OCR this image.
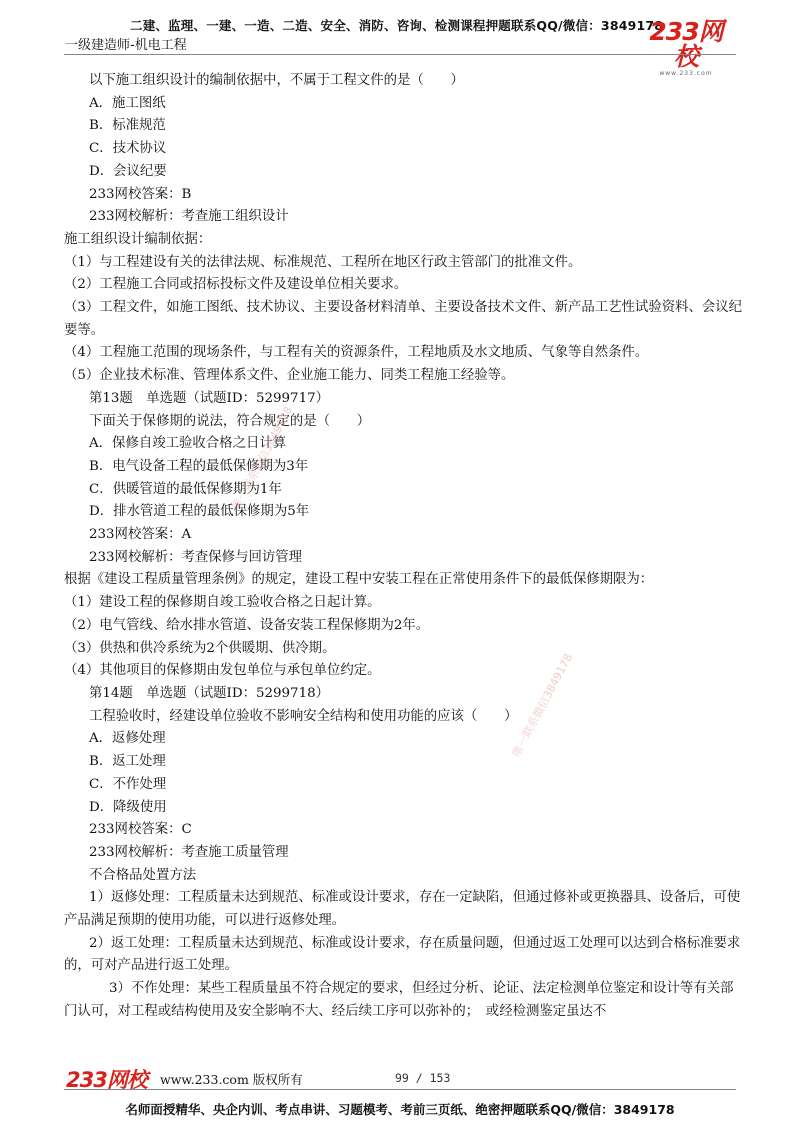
二建、监理、一建、一造、二造、安全、消防、咨询、检测课程押题联系QQ/微信：3849178
一级建造师-机电工程	233网校
www.233.com

以下施工组织设计的编制依据中，不属于工程文件的是（　　）

A．施工图纸

B．标准规范

C．技术协议

D．会议纪要

233网校答案：B

233网校解析：考查施工组织设计

施工组织设计编制依据：

（1）与工程建设有关的法律法规、标准规范、工程所在地区行政主管部门的批准文件。

（2）工程施工合同或招标投标文件及建设单位相关要求。

（3）工程文件，如施工图纸、技术协议、主要设备材料清单、主要设备技术文件、新产品工艺性试验资料、会议纪要等。

（4）工程施工范围的现场条件，与工程有关的资源条件，工程地质及水文地质、气象等自然条件。

（5）企业技术标准、管理体系文件、企业施工能力、同类工程施工经验等。

第13题　单选题（试题ID：5299717）

下面关于保修期的说法，符合规定的是（　　）

A．保修自竣工验收合格之日计算

B．电气设备工程的最低保修期为3年

C．供暖管道的最低保修期为1年

D．排水管道工程的最低保修期为5年

233网校答案：A

233网校解析：考查保修与回访管理

根据《建设工程质量管理条例》的规定，建设工程中安装工程在正常使用条件下的最低保修期限为：

（1）建设工程的保修期自竣工验收合格之日起计算。

（2）电气管线、给水排水管道、设备安装工程保修期为2年。

（3）供热和供冷系统为2个供暖期、供冷期。

（4）其他项目的保修期由发包单位与承包单位约定。

第14题　单选题（试题ID：5299718）

工程验收时，经建设单位验收不影响安全结构和使用功能的应该（　　）

A．返修处理

B．返工处理

C．不作处理

D．降级使用

233网校答案：C

233网校解析：考查施工质量管理

不合格品处置方法

1）返修处理：工程质量未达到规范、标准或设计要求，存在一定缺陷，但通过修补或更换器具、设备后，可使产品满足预期的使用功能，可以进行返修处理。

2）返工处理：工程质量未达到规范、标准或设计要求，存在质量问题，但通过返工处理可以达到合格标准要求的，可对产品进行返工处理。

3）不作处理：某些工程质量虽不符合规定的要求，但经过分析、论证、法定检测单位鉴定和设计等有关部门认可，对工程或结构使用及安全影响不大、经后续工序可以弥补的；　或经检测鉴定虽达不

唯一联系微信3849178
唯一联系微信3849178
233网校 www.233.com 版权所有	99 / 153
名师面授精华、央企内训、考点串讲、习题模考、考前三页纸、绝密押题联系QQ/微信：3849178
